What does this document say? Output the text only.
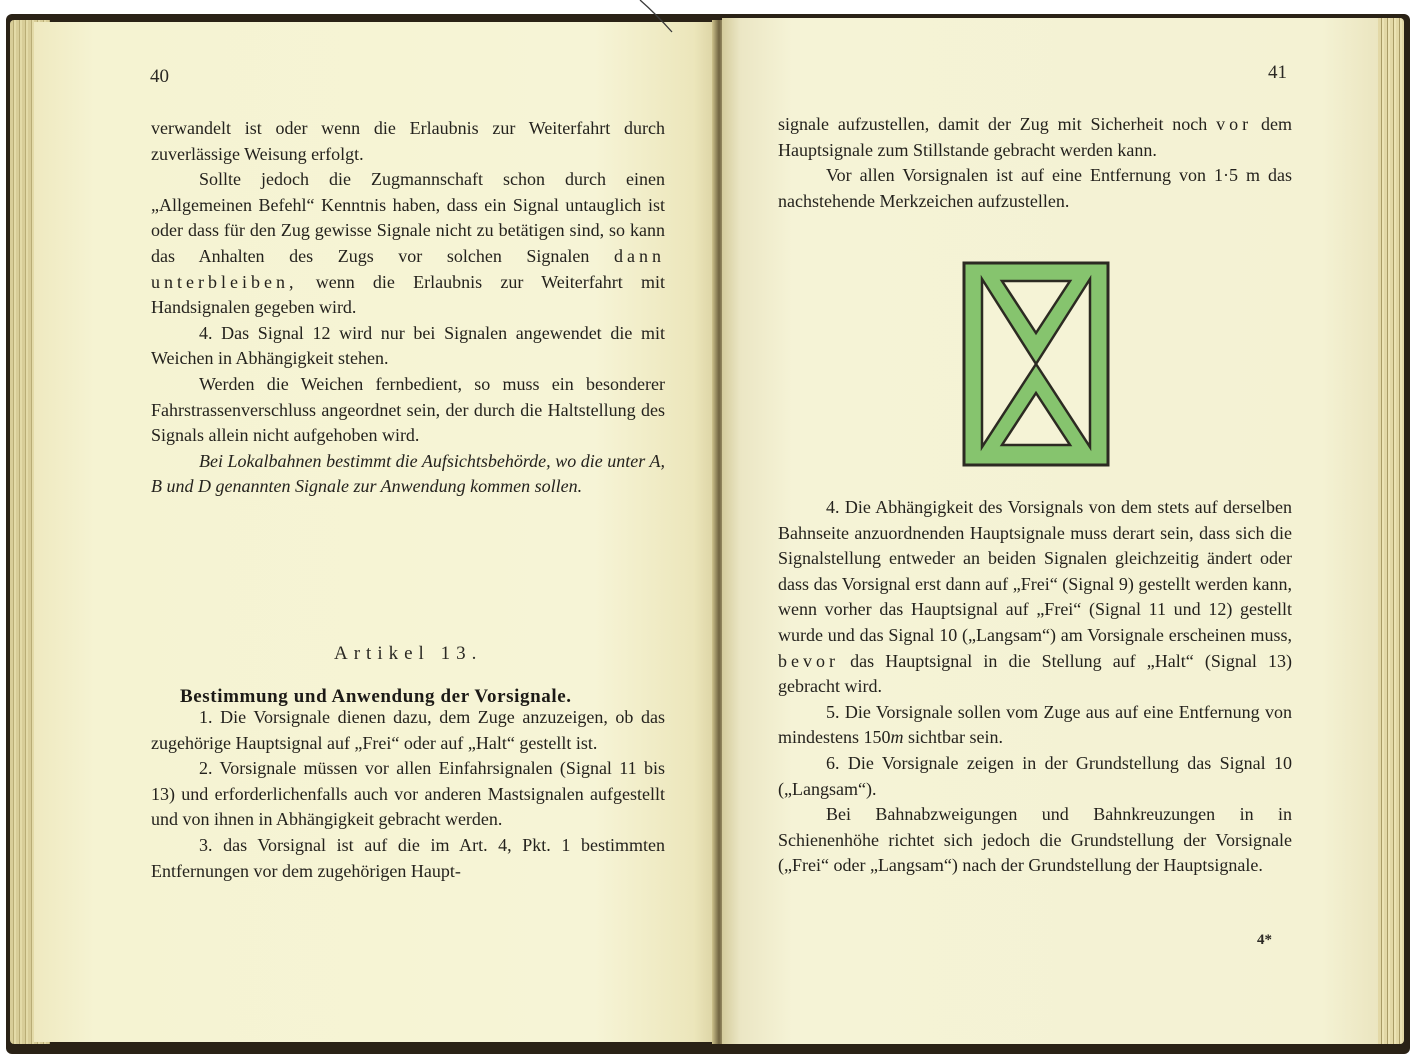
40

verwandelt ist oder wenn die Erlaubnis zur Weiterfahrt durch zuverlässige Weisung erfolgt.

Sollte jedoch die Zugmannschaft schon durch einen „Allgemeinen Befehl“ Kenntnis haben, dass ein Signal untauglich ist oder dass für den Zug gewisse Signale nicht zu betätigen sind, so kann das Anhalten des Zugs vor solchen Signalen dann unterbleiben, wenn die Erlaubnis zur Weiterfahrt mit Handsignalen gegeben wird.

4. Das Signal 12 wird nur bei Signalen angewendet die mit Weichen in Abhängigkeit stehen.

Werden die Weichen fernbedient, so muss ein besonderer Fahrstrassenverschluss angeordnet sein, der durch die Haltstellung des Signals allein nicht aufgehoben wird.

Bei Lokalbahnen bestimmt die Aufsichtsbehörde, wo die unter A, B und D genannten Signale zur Anwendung kommen sollen.

Artikel 13.
Bestimmung und Anwendung der Vorsignale.

1. Die Vorsignale dienen dazu, dem Zuge anzuzeigen, ob das zugehörige Hauptsignal auf „Frei“ oder auf „Halt“ gestellt ist.

2. Vorsignale müssen vor allen Einfahrsignalen (Signal 11 bis 13) und erforderlichenfalls auch vor anderen Mastsignalen aufgestellt und von ihnen in Abhängigkeit gebracht werden.

3. das Vorsignal ist auf die im Art. 4, Pkt. 1 bestimmten Entfernungen vor dem zugehörigen Haupt-

41

signale aufzustellen, damit der Zug mit Sicherheit noch vor dem Hauptsignale zum Stillstande gebracht werden kann.

Vor allen Vorsignalen ist auf eine Entfernung von 1·5 m das nachstehende Merkzeichen aufzustellen.

4. Die Abhängigkeit des Vorsignals von dem stets auf derselben Bahnseite anzuordnenden Hauptsignale muss derart sein, dass sich die Signalstellung entweder an beiden Signalen gleichzeitig ändert oder dass das Vorsignal erst dann auf „Frei“ (Signal 9) gestellt werden kann, wenn vorher das Hauptsignal auf „Frei“ (Signal 11 und 12) gestellt wurde und das Signal 10 („Langsam“) am Vorsignale erscheinen muss, bevor das Hauptsignal in die Stellung auf „Halt“ (Signal 13) gebracht wird.

5. Die Vorsignale sollen vom Zuge aus auf eine Entfernung von mindestens 150m sichtbar sein.

6. Die Vorsignale zeigen in der Grundstellung das Signal 10 („Langsam“).

Bei Bahnabzweigungen und Bahnkreuzungen in in Schienenhöhe richtet sich jedoch die Grundstellung der Vorsignale („Frei“ oder „Langsam“) nach der Grundstellung der Hauptsignale.

4*
